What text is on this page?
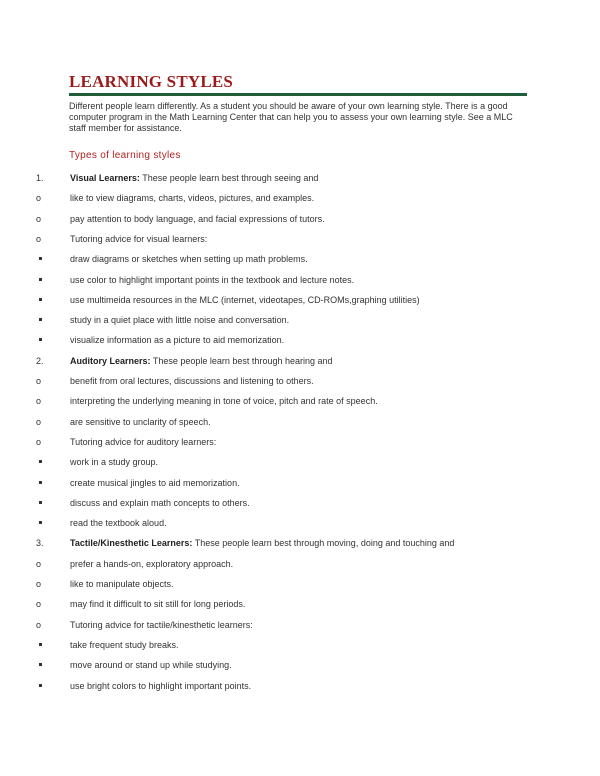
LEARNING STYLES

Different people learn differently. As a student you should be aware of your own learning style. There is a good computer program in the Math Learning Center that can help you to assess your own learning style. See a MLC staff member for assistance.

Types of learning styles

1.	Visual Learners: These people learn best through seeing and
o	like to view diagrams, charts, videos, pictures, and examples.
o	pay attention to body language, and facial expressions of tutors.
o	Tutoring advice for visual learners:
draw diagrams or sketches when setting up math problems.
use color to highlight important points in the textbook and lecture notes.
use multimeida resources in the MLC (internet, videotapes, CD-ROMs,graphing utilities)
study in a quiet place with little noise and conversation.
visualize information as a picture to aid memorization.
2.	Auditory Learners: These people learn best through hearing and
o	benefit from oral lectures, discussions and listening to others.
o	interpreting the underlying meaning in tone of voice, pitch and rate of speech.
o	are sensitive to unclarity of speech.
o	Tutoring advice for auditory learners:
work in a study group.
create musical jingles to aid memorization.
discuss and explain math concepts to others.
read the textbook aloud.
3.	Tactile/Kinesthetic Learners: These people learn best through moving, doing and touching and
o	prefer a hands-on, exploratory approach.
o	like to manipulate objects.
o	may find it difficult to sit still for long periods.
o	Tutoring advice for tactile/kinesthetic learners:
take frequent study breaks.
move around or stand up while studying.
use bright colors to highlight important points.
